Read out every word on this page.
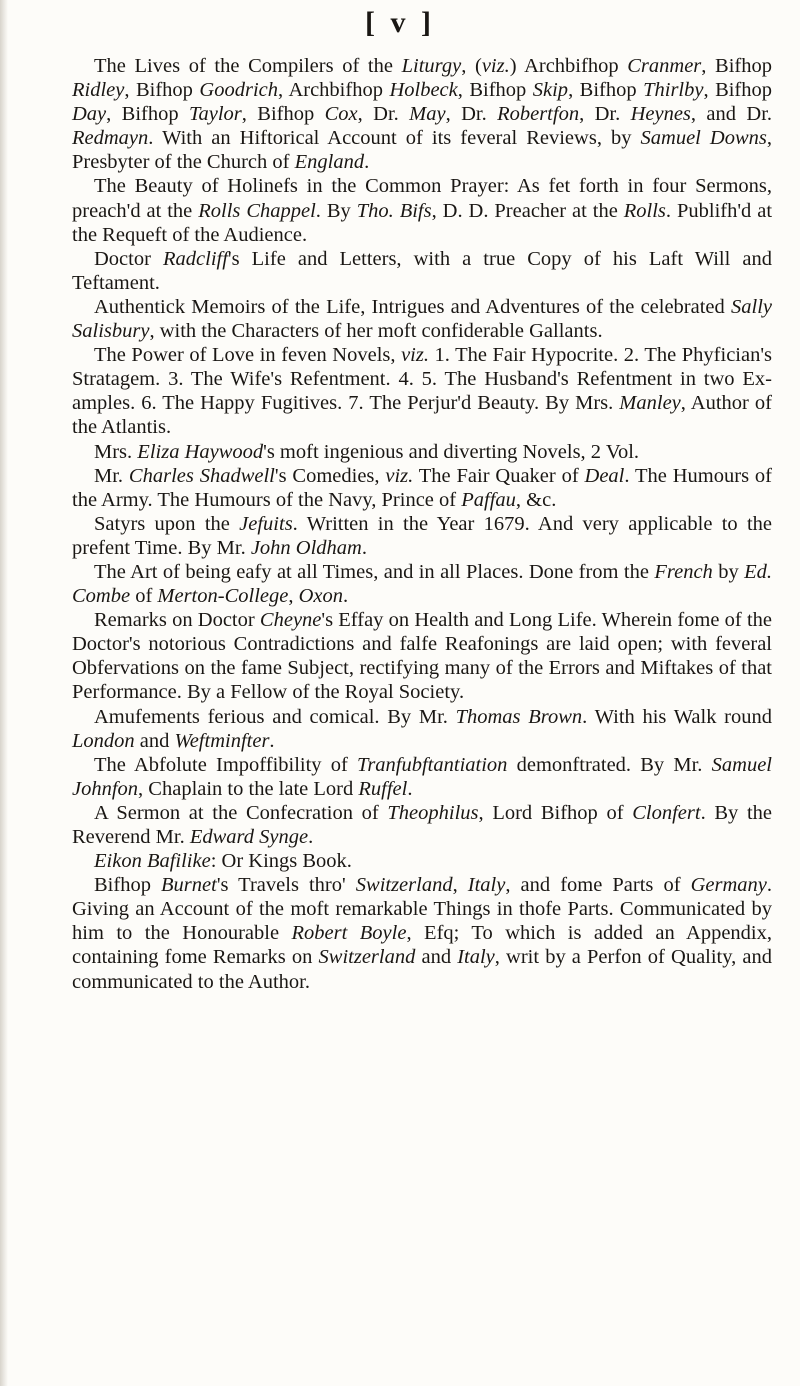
[ v ]

The Lives of the Compilers of the Liturgy, (viz.) Archbifhop Cranmer, Bifhop Ridley, Bifhop Goodrich, Archbifhop Holbeck, Bifhop Skip, Bifhop Thirlby, Bifhop Day, Bifhop Taylor, Bifhop Cox, Dr. May, Dr. Robertfon, Dr. Heynes, and Dr. Redmayn. With an Hiftorical Account of its feveral Reviews, by Samuel Downs, Presbyter of the Church of England.

The Beauty of Holinefs in the Common Prayer: As fet forth in four Sermons, preach'd at the Rolls Chappel. By Tho. Bifs, D. D. Preacher at the Rolls. Publifh'd at the Requeft of the Audience.

Doctor Radcliff's Life and Letters, with a true Copy of his Laft Will and Teftament.

Authentick Memoirs of the Life, Intrigues and Adventures of the celebrated Sally Salisbury, with the Characters of her moft confiderable Gallants.

The Power of Love in feven Novels, viz. 1. The Fair Hypocrite. 2. The Phyfician's Stratagem. 3. The Wife's Refentment. 4. 5. The Husband's Refentment in two Examples. 6. The Happy Fugitives. 7. The Perjur'd Beauty. By Mrs. Manley, Author of the Atlantis.

Mrs. Eliza Haywood's moft ingenious and diverting Novels, 2 Vol.

Mr. Charles Shadwell's Comedies, viz. The Fair Quaker of Deal. The Humours of the Army. The Humours of the Navy, Prince of Paffau, &c.

Satyrs upon the Jefuits. Written in the Year 1679. And very applicable to the prefent Time. By Mr. John Oldham.

The Art of being eafy at all Times, and in all Places. Done from the French by Ed. Combe of Merton-College, Oxon.

Remarks on Doctor Cheyne's Effay on Health and Long Life. Wherein fome of the Doctor's notorious Contradictions and falfe Reafonings are laid open; with feveral Obfervations on the fame Subject, rectifying many of the Errors and Miftakes of that Performance. By a Fellow of the Royal Society.

Amufements ferious and comical. By Mr. Thomas Brown. With his Walk round London and Weftminfter.

The Abfolute Impoffibility of Tranfubftantiation demonftrated. By Mr. Samuel Johnfon, Chaplain to the late Lord Ruffel.

A Sermon at the Confecration of Theophilus, Lord Bifhop of Clonfert. By the Reverend Mr. Edward Synge.

Eikon Bafilike: Or Kings Book.

Bifhop Burnet's Travels thro' Switzerland, Italy, and fome Parts of Germany. Giving an Account of the moft remarkable Things in thofe Parts. Communicated by him to the Honourable Robert Boyle, Efq; To which is added an Appendix, containing fome Remarks on Switzerland and Italy, writ by a Perfon of Quality, and communicated to the Author.
